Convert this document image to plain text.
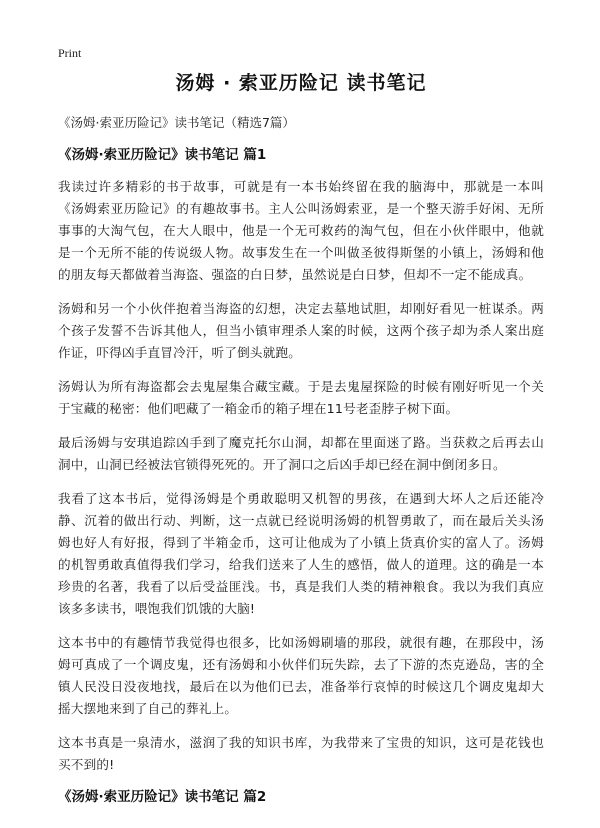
Print
汤姆 · 索亚历险记 读书笔记
《汤姆·索亚历险记》读书笔记（精选7篇）
《汤姆·索亚历险记》读书笔记 篇1

我读过许多精彩的书于故事，可就是有一本书始终留在我的脑海中，那就是一本叫《汤姆索亚历险记》的有趣故事书。主人公叫汤姆索亚，是一个整天游手好闲、无所事事的大淘气包，在大人眼中，他是一个无可救药的淘气包，但在小伙伴眼中，他就是一个无所不能的传说级人物。故事发生在一个叫做圣彼得斯堡的小镇上，汤姆和他的朋友每天都做着当海盗、强盗的白日梦，虽然说是白日梦，但却不一定不能成真。

汤姆和另一个小伙伴抱着当海盗的幻想，决定去墓地试胆，却刚好看见一桩谋杀。两个孩子发誓不告诉其他人，但当小镇审理杀人案的时候，这两个孩子却为杀人案出庭作证，吓得凶手直冒冷汗，听了倒头就跑。

汤姆认为所有海盗都会去鬼屋集合藏宝藏。于是去鬼屋探险的时候有刚好听见一个关于宝藏的秘密：他们吧藏了一箱金币的箱子埋在11号老歪脖子树下面。

最后汤姆与安琪追踪凶手到了魔克托尔山洞，却都在里面迷了路。当获救之后再去山洞中，山洞已经被法官锁得死死的。开了洞口之后凶手却已经在洞中倒闭多日。

我看了这本书后，觉得汤姆是个勇敢聪明又机智的男孩，在遇到大坏人之后还能冷静、沉着的做出行动、判断，这一点就已经说明汤姆的机智勇敢了，而在最后关头汤姆也好人有好报，得到了半箱金币，这可让他成为了小镇上货真价实的富人了。汤姆的机智勇敢真值得我们学习，给我们送来了人生的感悟，做人的道理。这的确是一本珍贵的名著，我看了以后受益匪浅。书，真是我们人类的精神粮食。我以为我们真应该多多读书，喂饱我们饥饿的大脑!

这本书中的有趣情节我觉得也很多，比如汤姆刷墙的那段，就很有趣，在那段中，汤姆可真成了一个调皮鬼，还有汤姆和小伙伴们玩失踪，去了下游的杰克逊岛，害的全镇人民没日没夜地找，最后在以为他们已去，准备举行哀悼的时候这几个调皮鬼却大摇大摆地来到了自己的葬礼上。

这本书真是一泉清水，滋润了我的知识书库，为我带来了宝贵的知识，这可是花钱也买不到的!

《汤姆·索亚历险记》读书笔记 篇2
